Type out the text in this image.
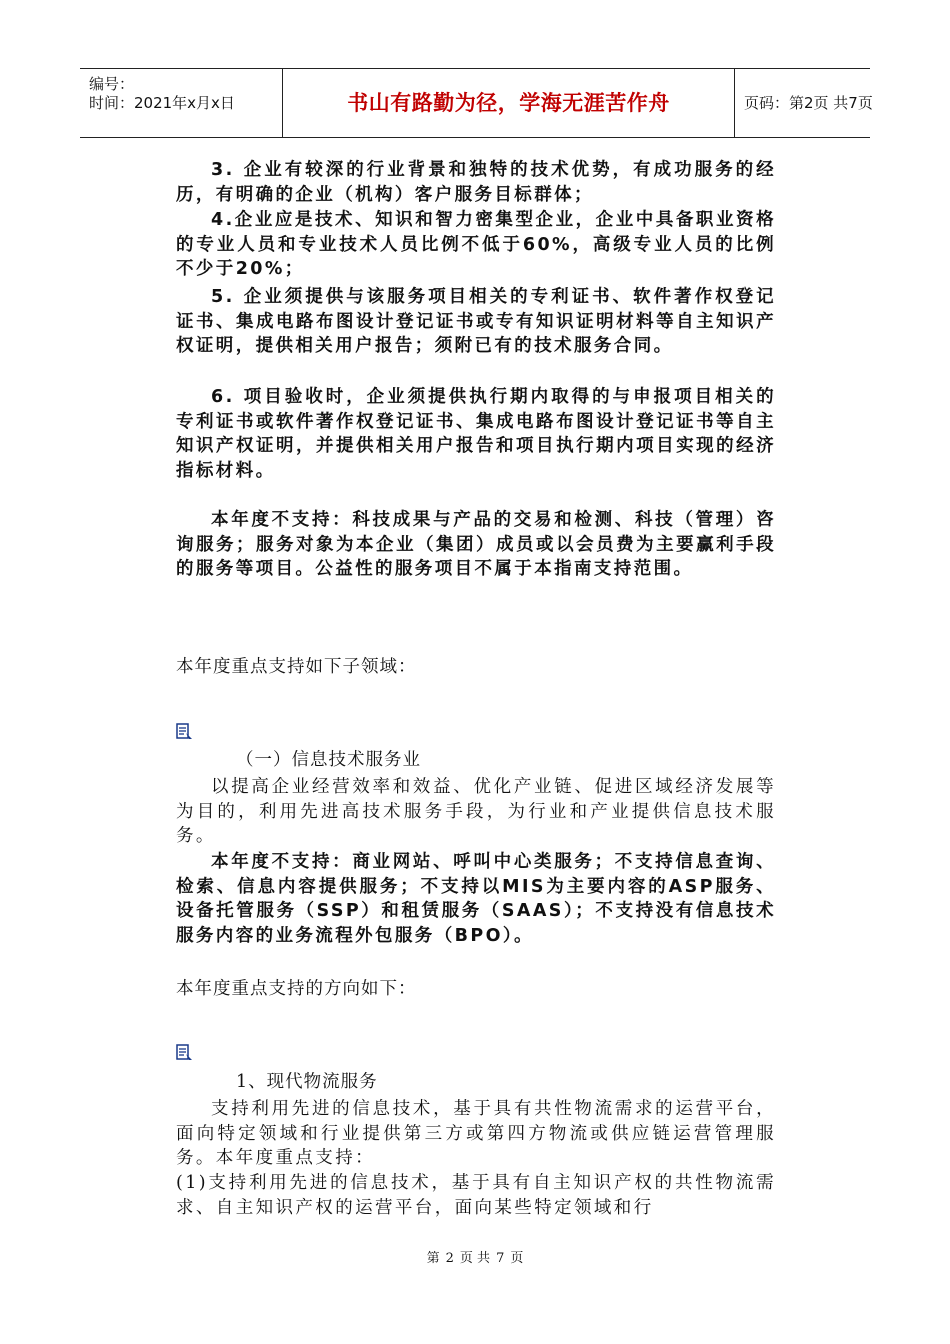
编号：
时间：2021年x月x日	书山有路勤为径，学海无涯苦作舟	页码：第2页 共7页
3. 企业有较深的行业背景和独特的技术优势，有成功服务的经历，有明确的企业（机构）客户服务目标群体；
4.企业应是技术、知识和智力密集型企业，企业中具备职业资格的专业人员和专业技术人员比例不低于60%，高级专业人员的比例不少于20%；
5. 企业须提供与该服务项目相关的专利证书、软件著作权登记证书、集成电路布图设计登记证书或专有知识证明材料等自主知识产权证明，提供相关用户报告；须附已有的技术服务合同。
6. 项目验收时，企业须提供执行期内取得的与申报项目相关的专利证书或软件著作权登记证书、集成电路布图设计登记证书等自主知识产权证明，并提供相关用户报告和项目执行期内项目实现的经济指标材料。
本年度不支持：科技成果与产品的交易和检测、科技（管理）咨询服务；服务对象为本企业（集团）成员或以会员费为主要赢利手段的服务等项目。公益性的服务项目不属于本指南支持范围。
本年度重点支持如下子领域：
（一）信息技术服务业
以提高企业经营效率和效益、优化产业链、促进区域经济发展等为目的，利用先进高技术服务手段，为行业和产业提供信息技术服务。
本年度不支持：商业网站、呼叫中心类服务；不支持信息查询、检索、信息内容提供服务；不支持以MIS为主要内容的ASP服务、设备托管服务（SSP）和租赁服务（SAAS）；不支持没有信息技术服务内容的业务流程外包服务（BPO）。
本年度重点支持的方向如下：
1、现代物流服务
支持利用先进的信息技术，基于具有共性物流需求的运营平台，面向特定领域和行业提供第三方或第四方物流或供应链运营管理服务。本年度重点支持：
(1)支持利用先进的信息技术，基于具有自主知识产权的共性物流需求、自主知识产权的运营平台，面向某些特定领域和行
第 2 页 共 7 页
